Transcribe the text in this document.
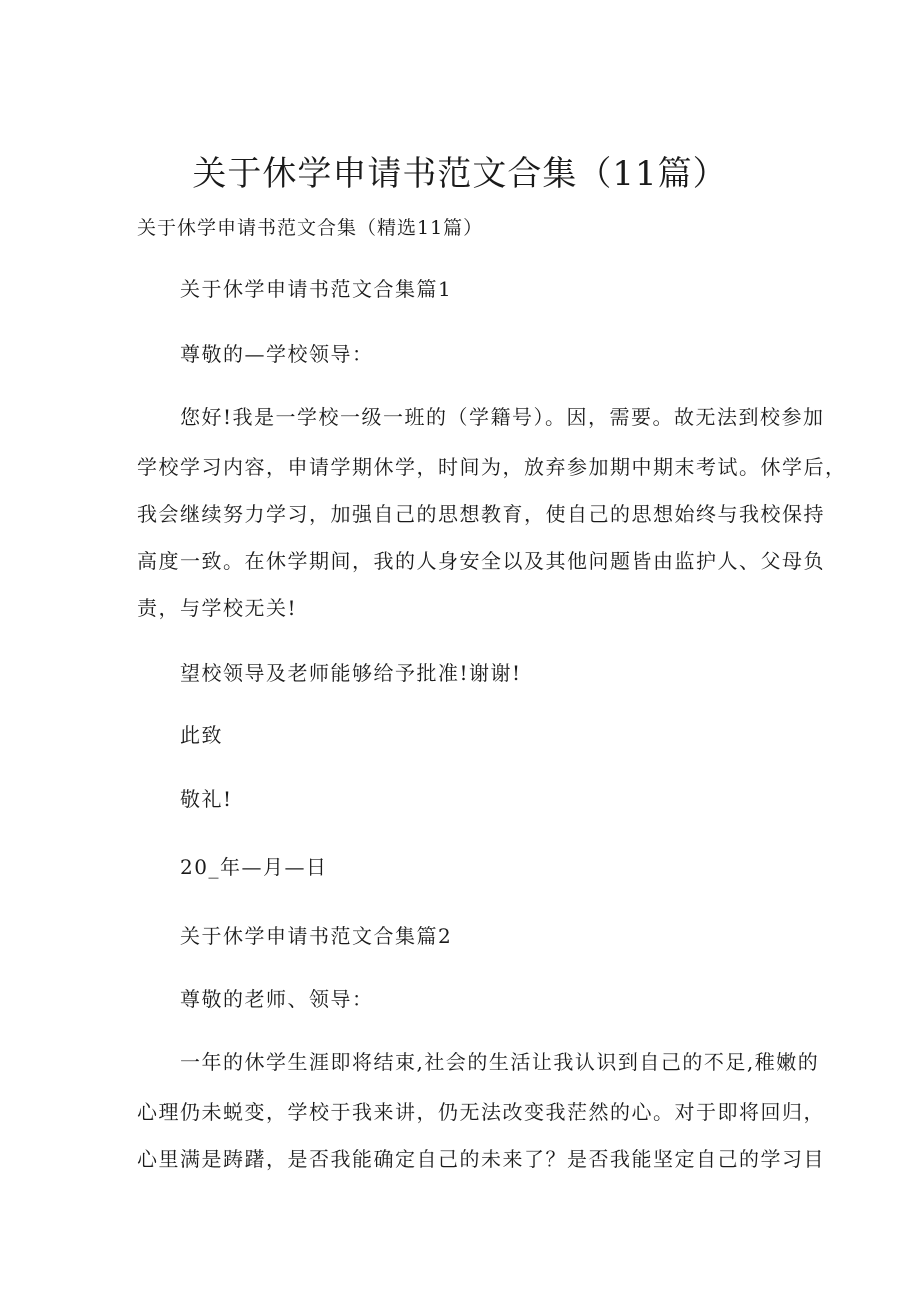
关于休学申请书范文合集（11篇）
关于休学申请书范文合集（精选11篇）
关于休学申请书范文合集篇1
尊敬的—学校领导：
您好!我是一学校一级一班的（学籍号）。因，需要。故无法到校参加
学校学习内容，申请学期休学，时间为，放弃参加期中期末考试。休学后，
我会继续努力学习，加强自己的思想教育，使自己的思想始终与我校保持
高度一致。在休学期间，我的人身安全以及其他问题皆由监护人、父母负
责，与学校无关!
望校领导及老师能够给予批准!谢谢!
此致
敬礼!
20_年—月—日
关于休学申请书范文合集篇2
尊敬的老师、领导：
一年的休学生涯即将结束,社会的生活让我认识到自己的不足,稚嫩的
心理仍未蜕变，学校于我来讲，仍无法改变我茫然的心。对于即将回归，
心里满是踌躇，是否我能确定自己的未来了？是否我能坚定自己的学习目
